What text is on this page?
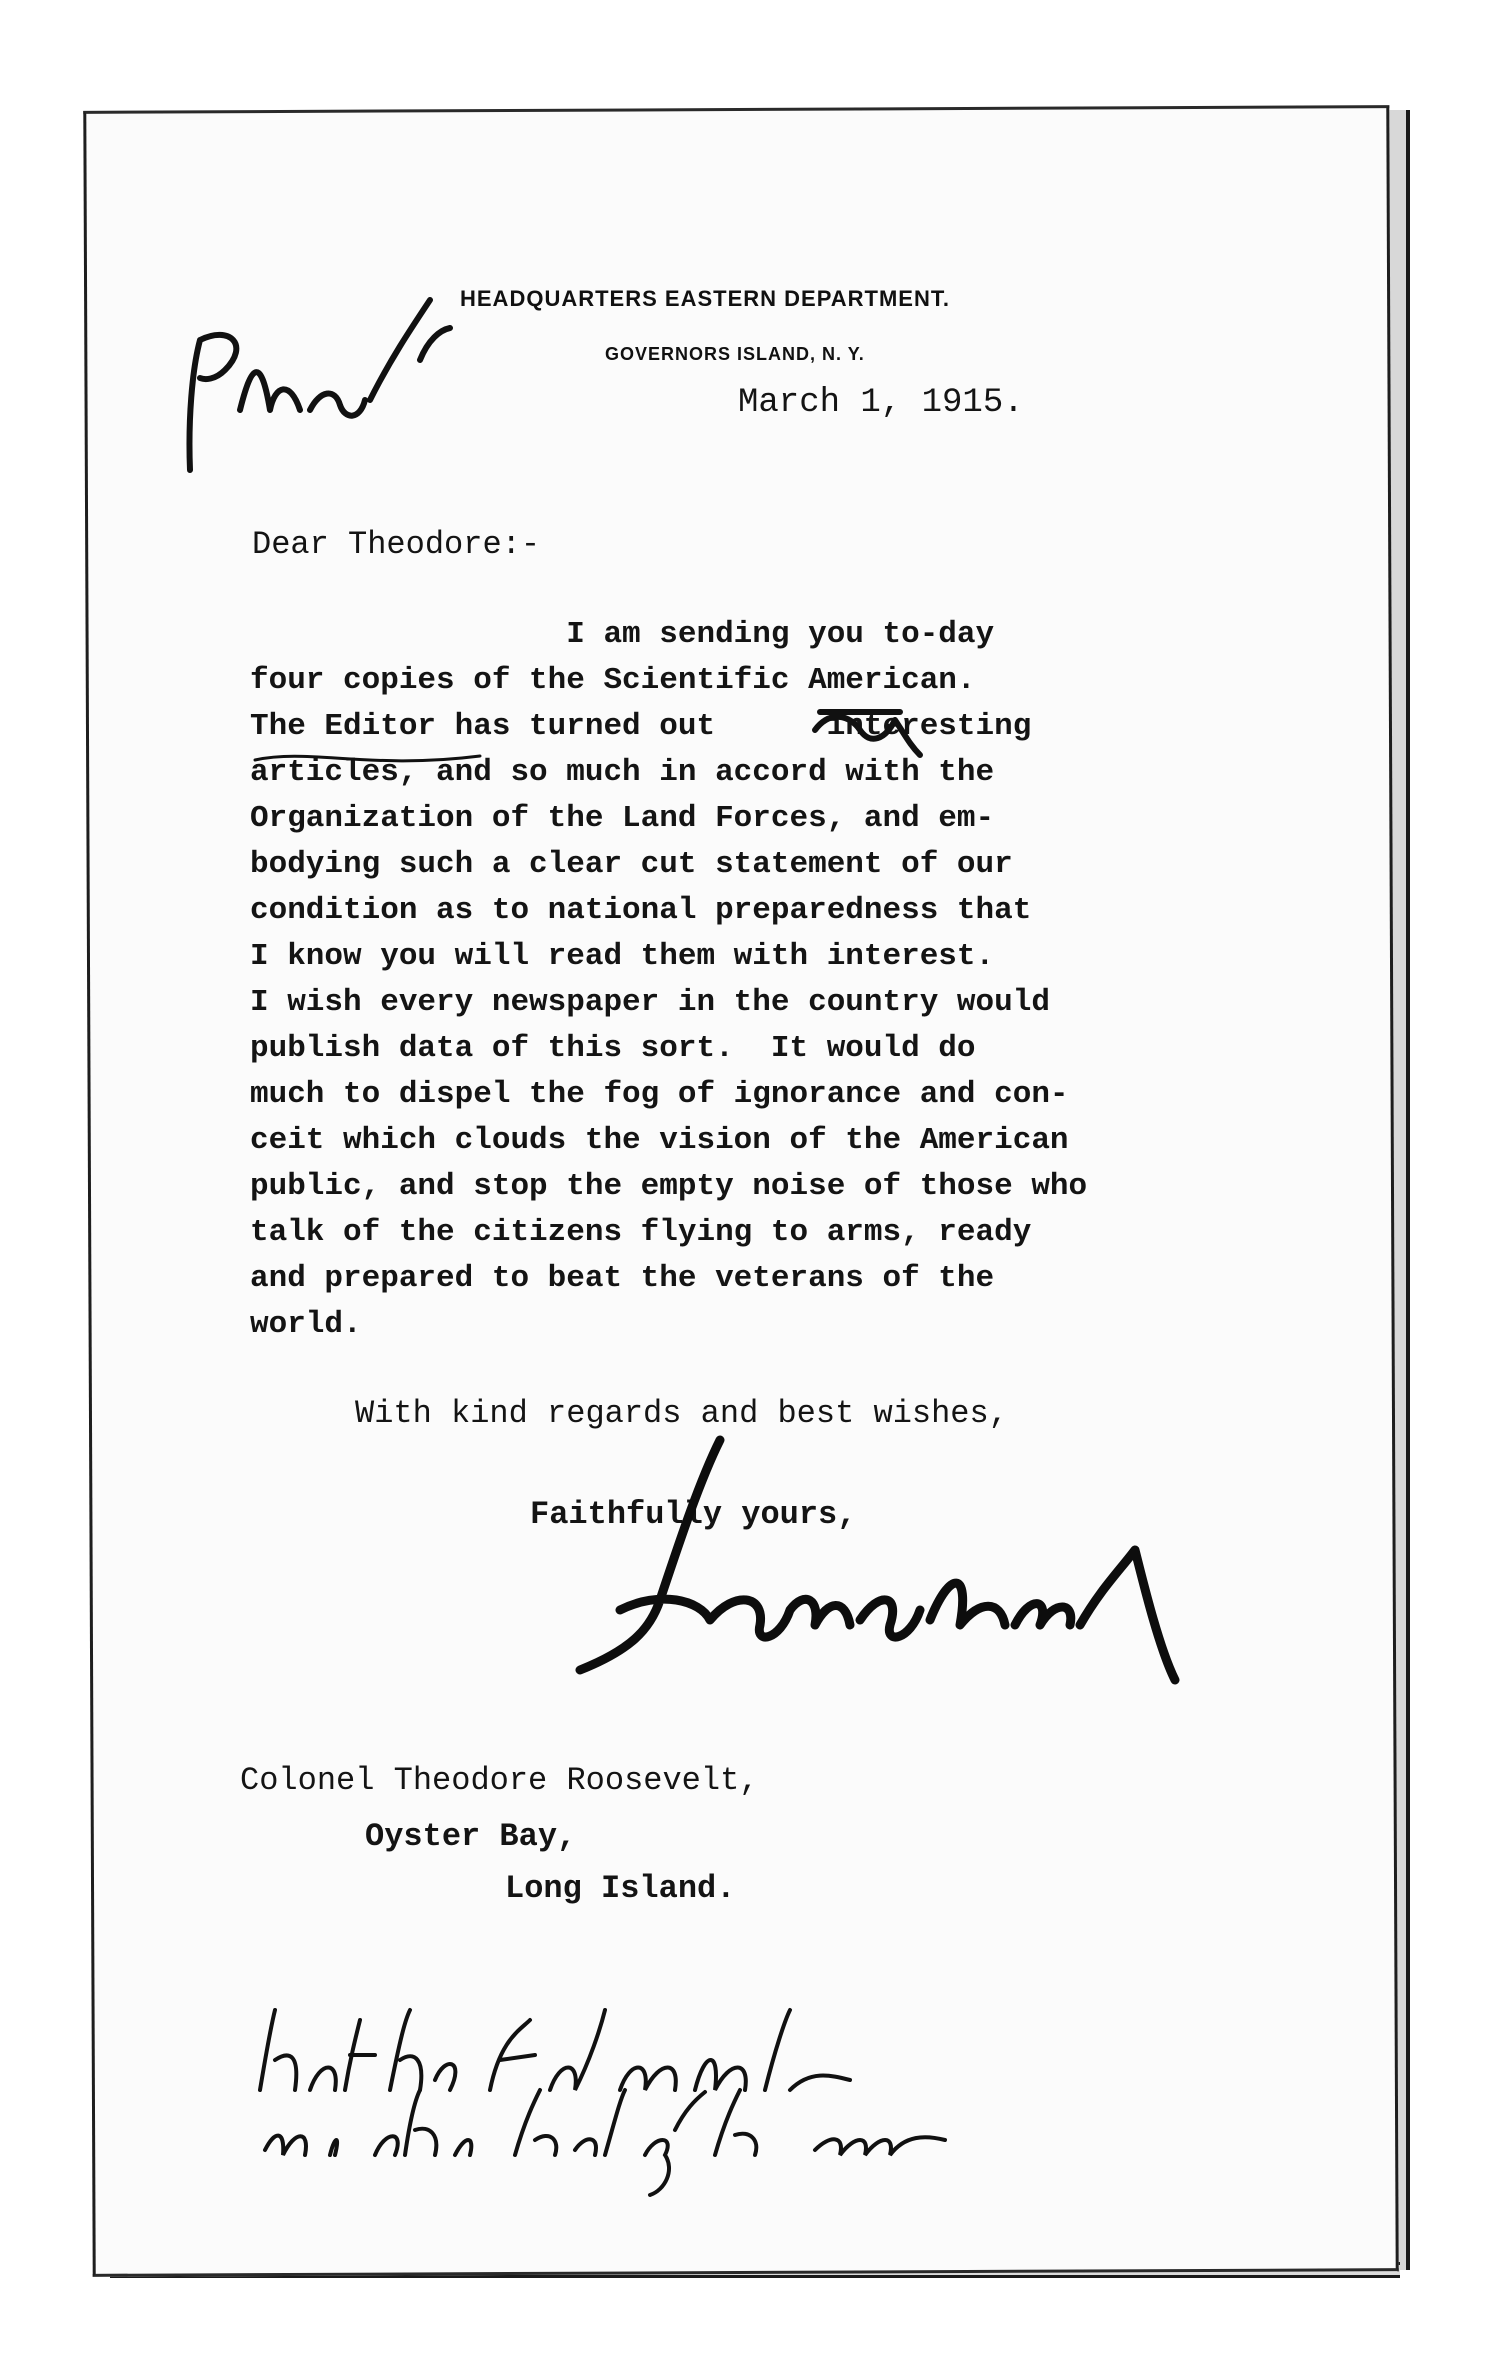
HEADQUARTERS EASTERN DEPARTMENT.
GOVERNORS ISLAND, N. Y.
March 1, 1915.
Dear Theodore:-
I am sending you to-day
four copies of the Scientific American.
The Editor has turned out      interesting
articles, and so much in accord with the
Organization of the Land Forces, and em-
bodying such a clear cut statement of our
condition as to national preparedness that
I know you will read them with interest.
I wish every newspaper in the country would
publish data of this sort.  It would do
much to dispel the fog of ignorance and con-
ceit which clouds the vision of the American
public, and stop the empty noise of those who
talk of the citizens flying to arms, ready
and prepared to beat the veterans of the
world.
With kind regards and best wishes,
Faithfully yours,
Colonel Theodore Roosevelt,
Oyster Bay,
Long Island.
